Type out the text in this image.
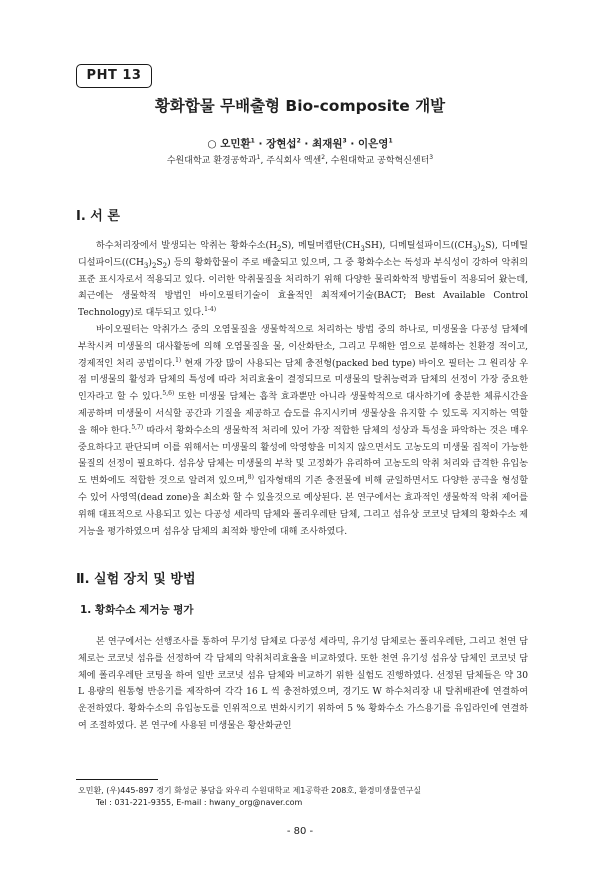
PHT 13
황화합물 무배출형 Bio-composite 개발
○ 오민환$^1$ · 장현섭$^2$ · 최재원$^3$ · 이은영$^1$
수원대학교 환경공학과$^1$, 주식회사 엑센$^2$, 수원대학교 공학혁신센터$^3$
Ⅰ. 서 론

하수처리장에서 발생되는 악취는 황화수소$(H_2S)$, 메틸머캡탄$(CH_3SH)$, 디메틸설파이드$((CH_3)_2S)$, 디메틸디설파이드$((CH_3)_2S_2)$ 등의 황화합물이 주로 배출되고 있으며, 그 중 황화수소는 독성과 부식성이 강하여 악취의 표준 표시자로서 적용되고 있다. 이러한 악취물질을 처리하기 위해 다양한 물리화학적 방법들이 적용되어 왔는데, 최근에는 생물학적 방법인 바이오필터기술이 효율적인 최적제어기술(BACT; Best Available Control Technology)로 대두되고 있다.$^{1-4)}$

바이오필터는 악취가스 중의 오염물질을 생물학적으로 처리하는 방법 중의 하나로, 미생물을 다공성 담체에 부착시켜 미생물의 대사활동에 의해 오염물질을 물, 이산화탄소, 그리고 무해한 염으로 분해하는 친환경 적이고, 경제적인 처리 공법이다.$^{1)}$ 현재 가장 많이 사용되는 담체 충전형(packed bed type) 바이오 필터는 그 원리상 우점 미생물의 활성과 담체의 특성에 따라 처리효율이 결정되므로 미생물의 탈취능력과 담체의 선정이 가장 중요한 인자라고 할 수 있다.$^{5,6)}$ 또한 미생물 담체는 흡착 효과뿐만 아니라 생물학적으로 대사하기에 충분한 체류시간을 제공하며 미생물이 서식할 공간과 기질을 제공하고 습도를 유지시키며 생물상을 유지할 수 있도록 지지하는 역할을 해야 한다.$^{5,7)}$ 따라서 황화수소의 생물학적 처리에 있어 가장 적합한 담체의 성상과 특성을 파악하는 것은 매우 중요하다고 판단되며 이를 위해서는 미생물의 활성에 악영향을 미치지 않으면서도 고농도의 미생물 집적이 가능한 물질의 선정이 필요하다. 섬유상 담체는 미생물의 부착 및 고정화가 유리하여 고농도의 악취 처리와 급격한 유입농도 변화에도 적합한 것으로 알려져 있으며,$^{8)}$ 입자형태의 기존 충전물에 비해 균일하면서도 다양한 공극을 형성할 수 있어 사영역(dead zone)을 최소화 할 수 있을것으로 예상된다. 본 연구에서는 효과적인 생물학적 악취 제어를 위해 대표적으로 사용되고 있는 다공성 세라믹 담체와 폴리우레탄 담체, 그리고 섬유상 코코넛 담체의 황화수소 제거능을 평가하였으며 섬유상 담체의 최적화 방안에 대해 조사하였다.

Ⅱ. 실험 장치 및 방법
1. 황화수소 제거능 평가

본 연구에서는 선행조사를 통하여 무기성 담체로 다공성 세라믹, 유기성 담체로는 폴리우레탄, 그리고 천연 담체로는 코코넛 섬유를 선정하여 각 담체의 악취처리효율을 비교하였다. 또한 천연 유기성 섬유상 담체인 코코넛 담체에 폴리우레탄 코팅을 하여 일반 코코넛 섬유 담체와 비교하기 위한 실험도 진행하였다. 선정된 담체들은 약 30 L 용량의 원통형 반응기를 제작하여 각각 16 L 씩 충전하였으며, 경기도 W 하수처리장 내 탈취배관에 연결하여 운전하였다. 황화수소의 유입농도를 인위적으로 변화시키기 위하여 5 % 황화수소 가스용기를 유입라인에 연결하여 조절하였다. 본 연구에 사용된 미생물은 황산화균인

오민환, (우)445-897 경기 화성군 봉담읍 와우리 수원대학교 제1공학관 208호, 환경미생물연구실
Tel : 031-221-9355, E-mail : hwany_org@naver.com
- 80 -
